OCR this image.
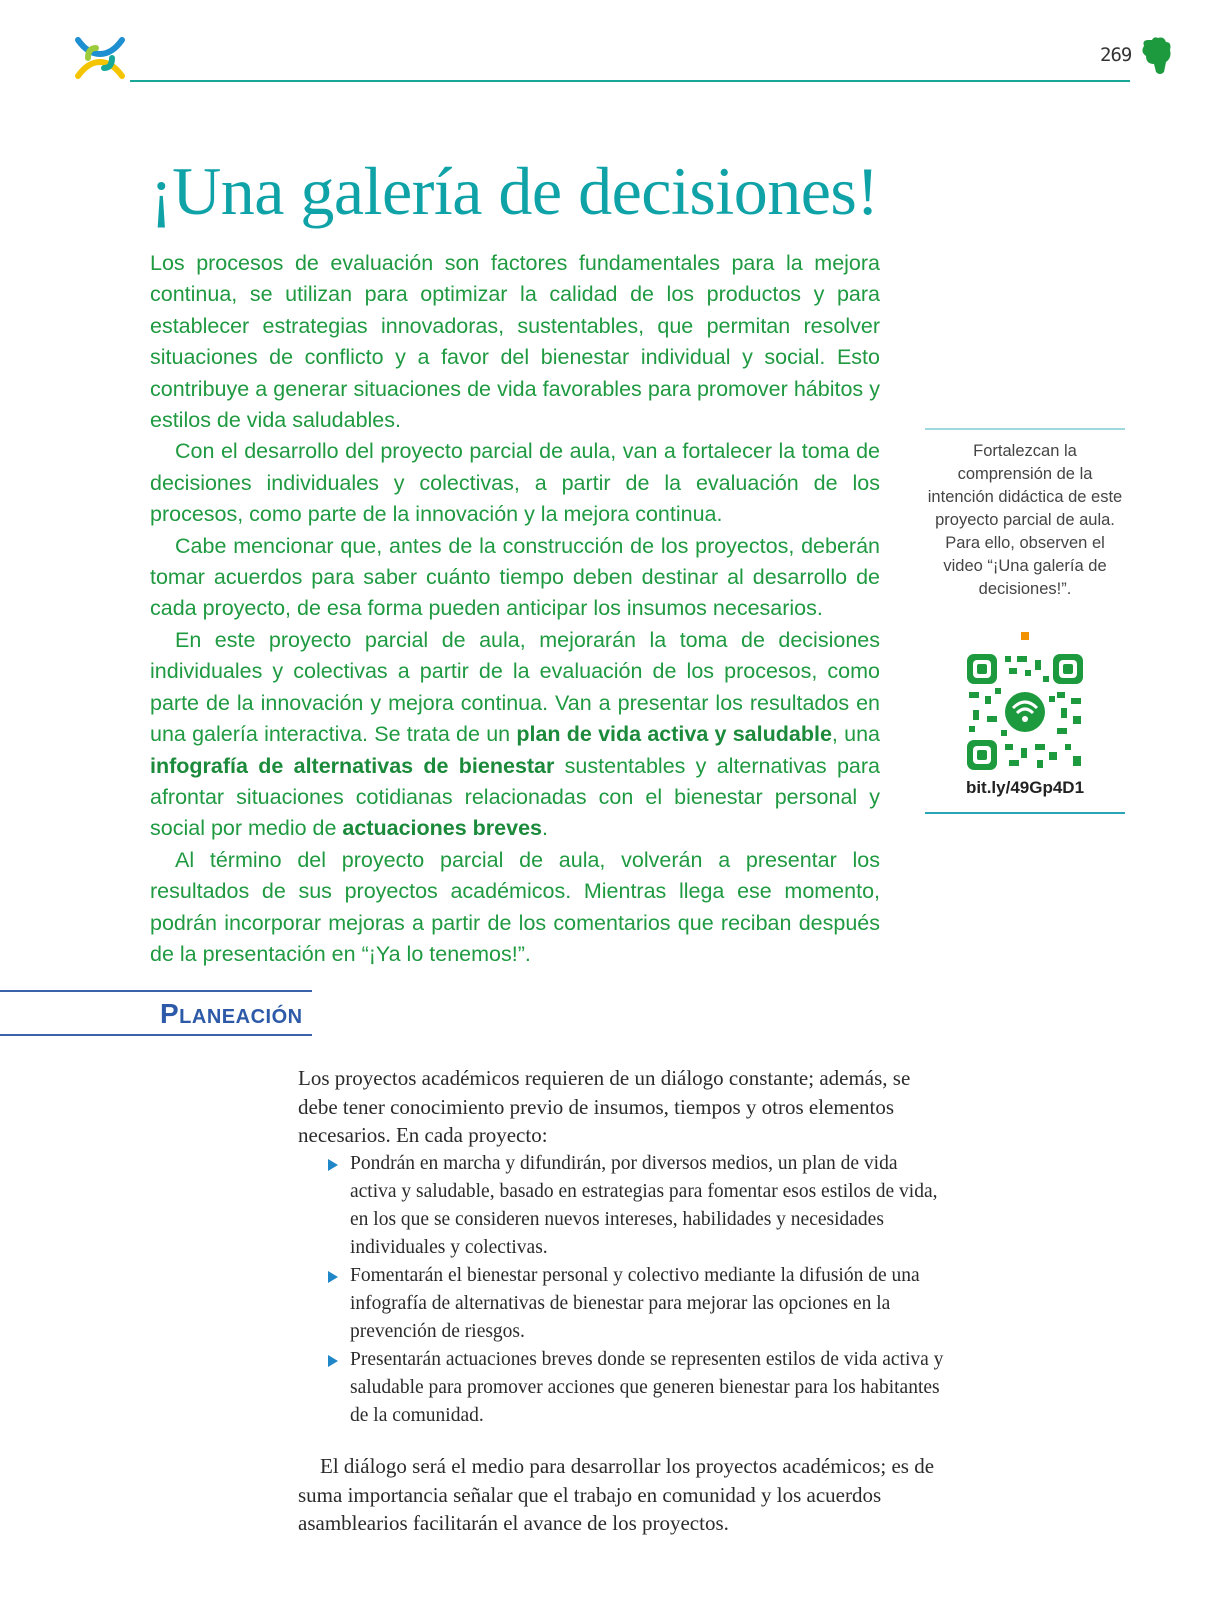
269
¡Una galería de decisiones!

Los procesos de evaluación son factores fundamentales para la mejora continua, se utilizan para optimizar la calidad de los productos y para establecer estrategias innovadoras, sustentables, que permitan resolver situaciones de conflicto y a favor del bienestar individual y social. Esto contribuye a generar situaciones de vida favorables para promover hábitos y estilos de vida saludables.

Con el desarrollo del proyecto parcial de aula, van a fortalecer la toma de decisiones individuales y colectivas, a partir de la evaluación de los procesos, como parte de la innovación y la mejora continua.

Cabe mencionar que, antes de la construcción de los proyectos, deberán tomar acuerdos para saber cuánto tiempo deben destinar al desarrollo de cada proyecto, de esa forma pueden anticipar los insumos necesarios.

En este proyecto parcial de aula, mejorarán la toma de decisiones individuales y colectivas a partir de la evaluación de los procesos, como parte de la innovación y mejora continua. Van a presentar los resultados en una galería interactiva. Se trata de un plan de vida activa y saludable, una infografía de alternativas de bienestar sustentables y alternativas para afrontar situaciones cotidianas relacionadas con el bienestar personal y social por medio de actuaciones breves.

Al término del proyecto parcial de aula, volverán a presentar los resultados de sus proyectos académicos. Mientras llega ese momento, podrán incorporar mejoras a partir de los comentarios que reciban después de la presentación en “¡Ya lo tenemos!”.

Fortalezcan la comprensión de la intención didáctica de este proyecto parcial de aula. Para ello, observen el video “¡Una galería de decisiones!”.
bit.ly/49Gp4D1
Planeación

Los proyectos académicos requieren de un diálogo constante; además, se debe tener conocimiento previo de insumos, tiempos y otros elementos necesarios. En cada proyecto:

Pondrán en marcha y difundirán, por diversos medios, un plan de vida activa y saludable, basado en estrategias para fomentar esos estilos de vida, en los que se consideren nuevos intereses, habilidades y necesidades individuales y colectivas.
Fomentarán el bienestar personal y colectivo mediante la difusión de una infografía de alternativas de bienestar para mejorar las opciones en la prevención de riesgos.
Presentarán actuaciones breves donde se representen estilos de vida activa y saludable para promover acciones que generen bienestar para los habitantes de la comunidad.

El diálogo será el medio para desarrollar los proyectos académicos; es de suma importancia señalar que el trabajo en comunidad y los acuerdos asamblearios facilitarán el avance de los proyectos.
